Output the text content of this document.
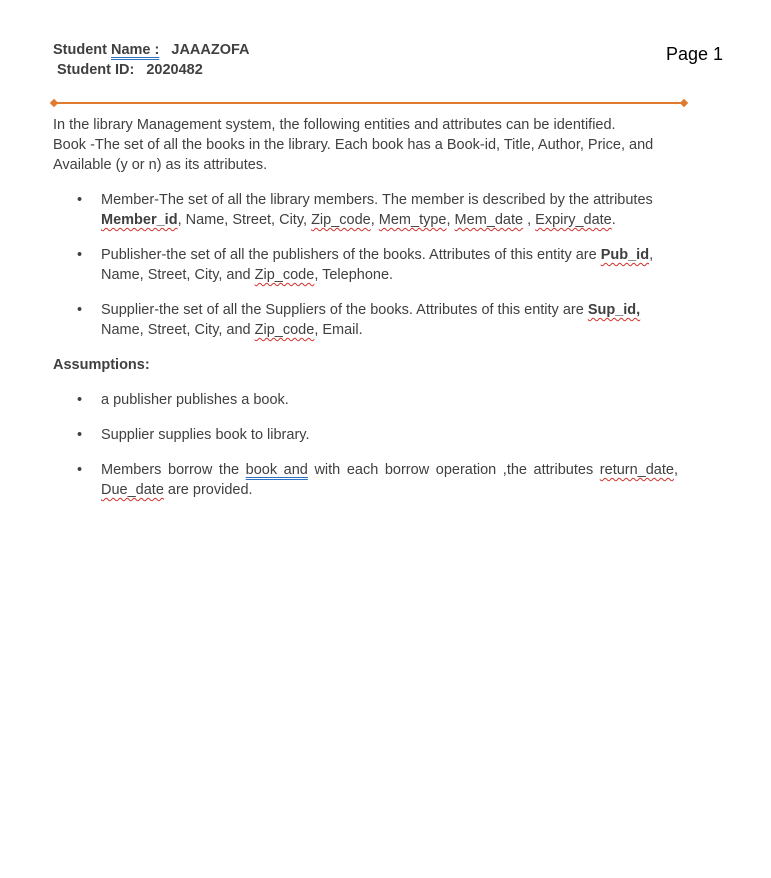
Student Name : JAAAZOFA
Student ID: 2020482
Page 1

In the library Management system, the following entities and attributes can be identified.

Book -The set of all the books in the library. Each book has a Book-id, Title, Author, Price, and Available (y or n) as its attributes.

• Member-The set of all the library members. The member is described by the attributes Member_id, Name, Street, City, Zip_code, Mem_type, Mem_date , Expiry_date.
• Publisher-the set of all the publishers of the books. Attributes of this entity are Pub_id, Name, Street, City, and Zip_code, Telephone.
• Supplier-the set of all the Suppliers of the books. Attributes of this entity are Sup_id, Name, Street, City, and Zip_code, Email.
Assumptions:
• a publisher publishes a book.
• Supplier supplies book to library.
• Members borrow the book and with each borrow operation ,the attributes return_date, Due_date are provided.
